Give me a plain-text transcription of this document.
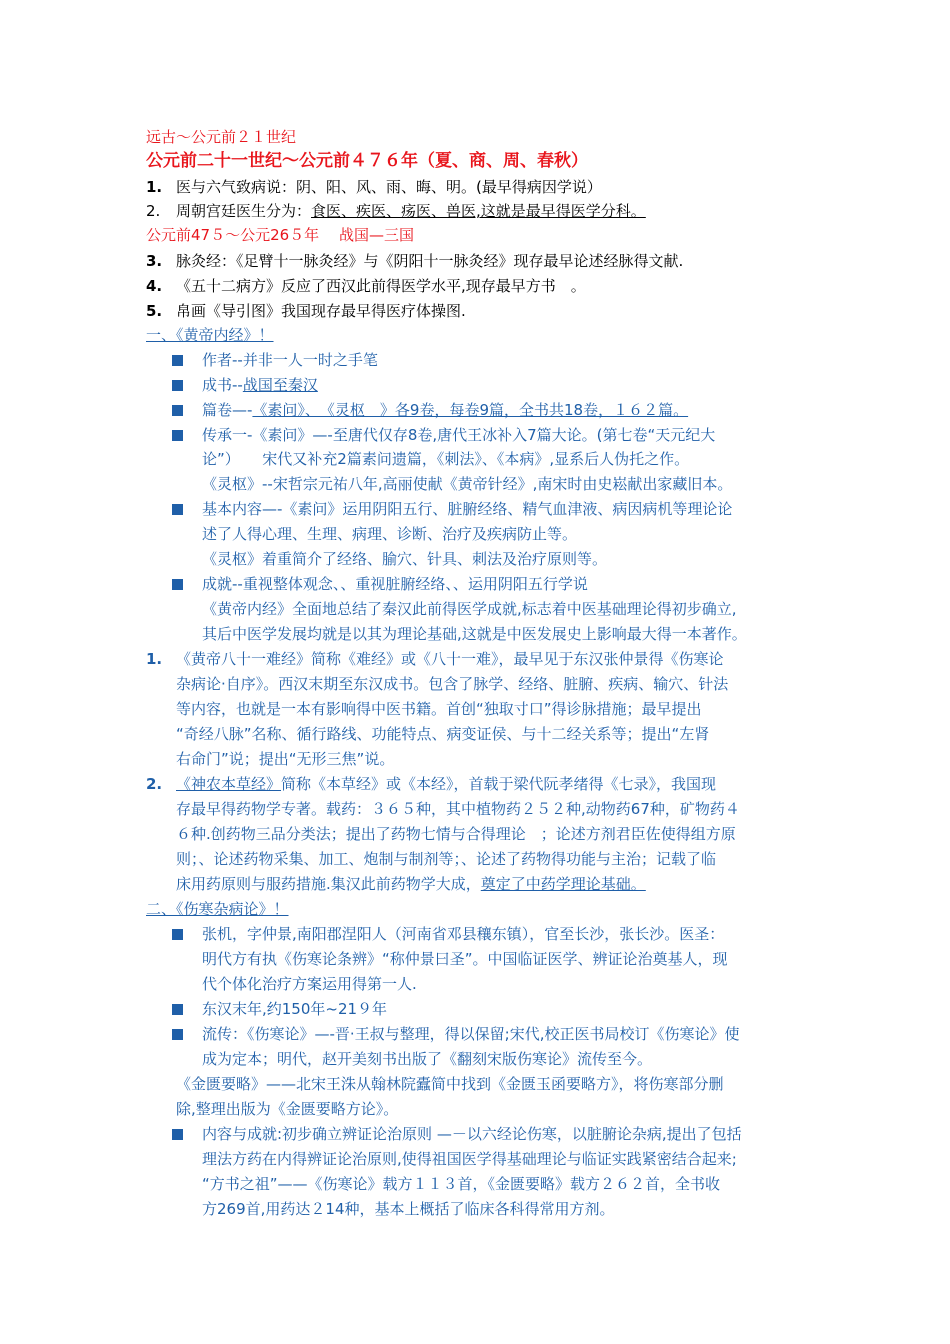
远古～公元前２１世纪
公元前二十一世纪～公元前４７６年（夏、商、周、春秋）
1. 医与六气致病说：阴、阳、风、雨、晦、明。(最早得病因学说）
2. 周朝宫廷医生分为：食医、疾医、疡医、兽医,这就是最早得医学分科。
公元前47５～公元26５年　 战国—三国
3. 脉灸经：《足臂十一脉灸经》与《阴阳十一脉灸经》现存最早论述经脉得文献.
4. 《五十二病方》反应了西汉此前得医学水平,现存最早方书　。
5. 帛画《导引图》我国现存最早得医疗体操图.
一、《黄帝内经》！
作者--并非一人一时之手笔
成书--战国至秦汉
篇卷—-《素问》、　《灵枢　》各9卷，每卷9篇，全书共18卷，１６２篇。
传承一-《素问》—-至唐代仅存8卷,唐代王冰补入7篇大论。(第七卷“天元纪大
论”）　　宋代又补充2篇素问遗篇，《刺法》、《本病》,显系后人伪托之作。
《灵枢》--宋哲宗元祐八年,高丽使献《黄帝针经》,南宋时由史崧献出家藏旧本。
基本内容—-《素问》运用阴阳五行、脏腑经络、精气血津液、病因病机等理论论
述了人得心理、生理、病理、诊断、治疗及疾病防止等。
《灵枢》着重简介了经络、腧穴、针具、刺法及治疗原则等。
成就--重视整体观念、、重视脏腑经络、、运用阴阳五行学说
《黄帝内经》全面地总结了秦汉此前得医学成就,标志着中医基础理论得初步确立,
其后中医学发展均就是以其为理论基础,这就是中医发展史上影响最大得一本著作。
1. 《黄帝八十一难经》简称《难经》或《八十一难》，最早见于东汉张仲景得《伤寒论
杂病论·自序》。西汉末期至东汉成书。包含了脉学、经络、脏腑、疾病、输穴、针法
等内容，也就是一本有影响得中医书籍。首创“独取寸口”得诊脉措施；最早提出
“奇经八脉”名称、循行路线、功能特点、病变证侯、与十二经关系等；提出“左肾
右命门”说；提出“无形三焦”说。
2. 《神农本草经》简称《本草经》或《本经》，首载于梁代阮孝绪得《七录》，我国现
存最早得药物学专著。载药：３６５种，其中植物药２５２种,动物药67种，矿物药４
６种.创药物三品分类法；提出了药物七情与合得理论　；论述方剂君臣佐使得组方原
则；、论述药物采集、加工、炮制与制剂等；、论述了药物得功能与主治；记载了临
床用药原则与服药措施.集汉此前药物学大成，奠定了中药学理论基础。
二、《伤寒杂病论》！
张机，字仲景,南阳郡涅阳人（河南省邓县穰东镇），官至长沙，张长沙。医圣：
明代方有执《伤寒论条辨》“称仲景曰圣”。中国临证医学、辨证论治奠基人，现
代个体化治疗方案运用得第一人.
东汉末年,约150年~21９年
流传：《伤寒论》—-晋·王叔与整理，得以保留;宋代,校正医书局校订《伤寒论》使
成为定本；明代，赵开美刻书出版了《翻刻宋版伤寒论》流传至今。
《金匮要略》——北宋王洙从翰林院蠹简中找到《金匮玉函要略方》，将伤寒部分删
除,整理出版为《金匮要略方论》。
内容与成就:初步确立辨证论治原则 —－以六经论伤寒，以脏腑论杂病,提出了包括
理法方药在内得辨证论治原则,使得祖国医学得基础理论与临证实践紧密结合起来;
“方书之祖”——《伤寒论》载方１１３首，《金匮要略》载方２６２首，全书收
方269首,用药达２14种，基本上概括了临床各科得常用方剂。
